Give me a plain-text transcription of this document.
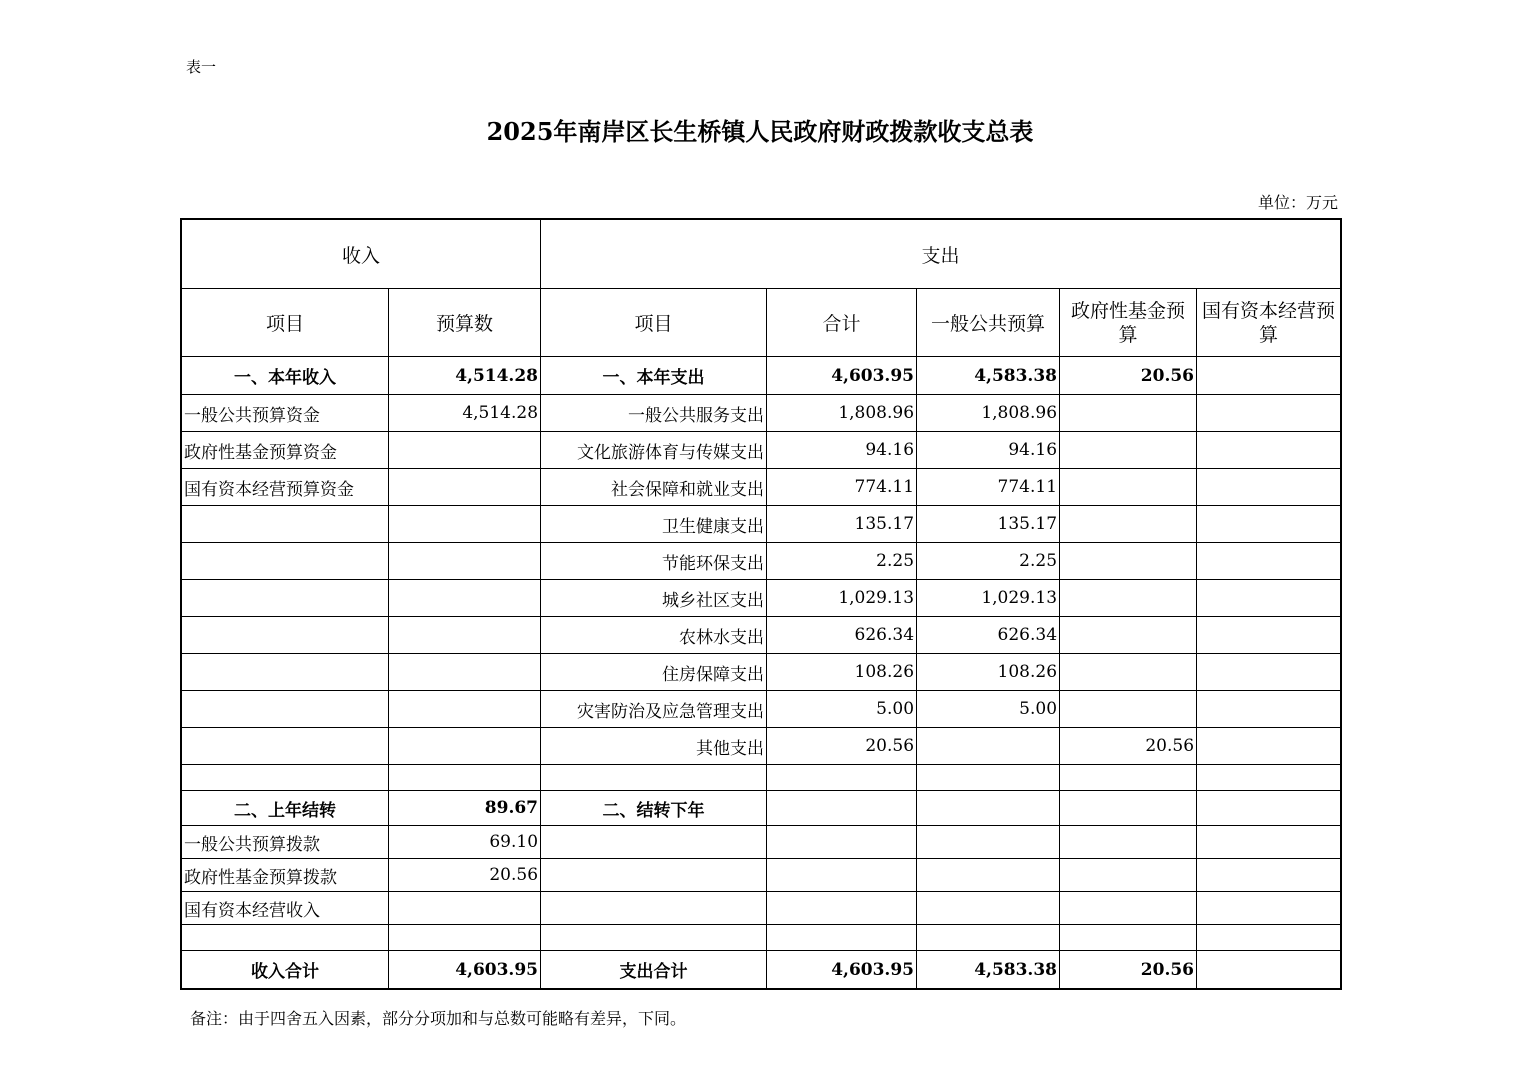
表一
2025年南岸区长生桥镇人民政府财政拨款收支总表
单位：万元
收入		支出				
项目	预算数	项目	合计	一般公共预算	政府性基金预算	国有资本经营预算
一、本年收入	4,514.28	一、本年支出	4,603.95	4,583.38	20.56	
一般公共预算资金	4,514.28	一般公共服务支出	1,808.96	1,808.96		
政府性基金预算资金		文化旅游体育与传媒支出	94.16	94.16		
国有资本经营预算资金		社会保障和就业支出	774.11	774.11		
		卫生健康支出	135.17	135.17		
		节能环保支出	2.25	2.25		
		城乡社区支出	1,029.13	1,029.13		
		农林水支出	626.34	626.34		
		住房保障支出	108.26	108.26		
		灾害防治及应急管理支出	5.00	5.00		
		其他支出	20.56		20.56	

二、上年结转	89.67	二、结转下年				
一般公共预算拨款	69.10					
政府性基金预算拨款	20.56					
国有资本经营收入						

收入合计	4,603.95	支出合计	4,603.95	4,583.38	20.56	
备注：由于四舍五入因素，部分分项加和与总数可能略有差异，下同。
